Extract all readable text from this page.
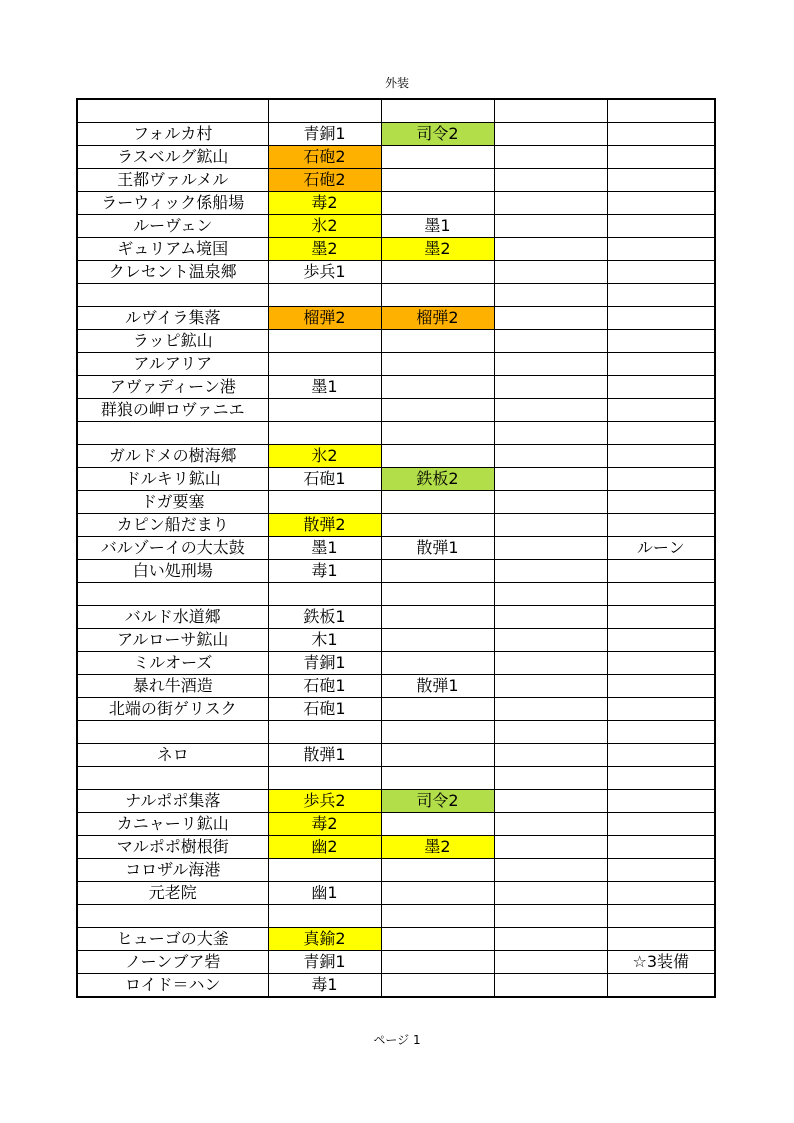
外装

フォルカ村	青銅1	司令2		
ラスベルグ鉱山	石砲2			
王都ヴァルメル	石砲2			
ラーウィック係船場	毒2			
ルーヴェン	氷2	墨1		
ギュリアム境国	墨2	墨2		
クレセント温泉郷	歩兵1			

ルヴイラ集落	榴弾2	榴弾2		
ラッピ鉱山				
アルアリア				
アヴァディーン港	墨1			
群狼の岬ロヴァニエ				

ガルドメの樹海郷	氷2			
ドルキリ鉱山	石砲1	鉄板2		
ドガ要塞				
カピン船だまり	散弾2			
バルゾーイの大太鼓	墨1	散弾1		ルーン
白い処刑場	毒1			

バルド水道郷	鉄板1			
アルローサ鉱山	木1			
ミルオーズ	青銅1			
暴れ牛酒造	石砲1	散弾1		
北端の街ゲリスク	石砲1			

ネロ	散弾1			

ナルポポ集落	歩兵2	司令2		
カニャーリ鉱山	毒2			
マルポポ樹根街	幽2	墨2		
コロザル海港				
元老院	幽1			

ヒューゴの大釜	真鍮2			
ノーンブア砦	青銅1			☆3装備
ロイド＝ハン	毒1			
ページ 1
